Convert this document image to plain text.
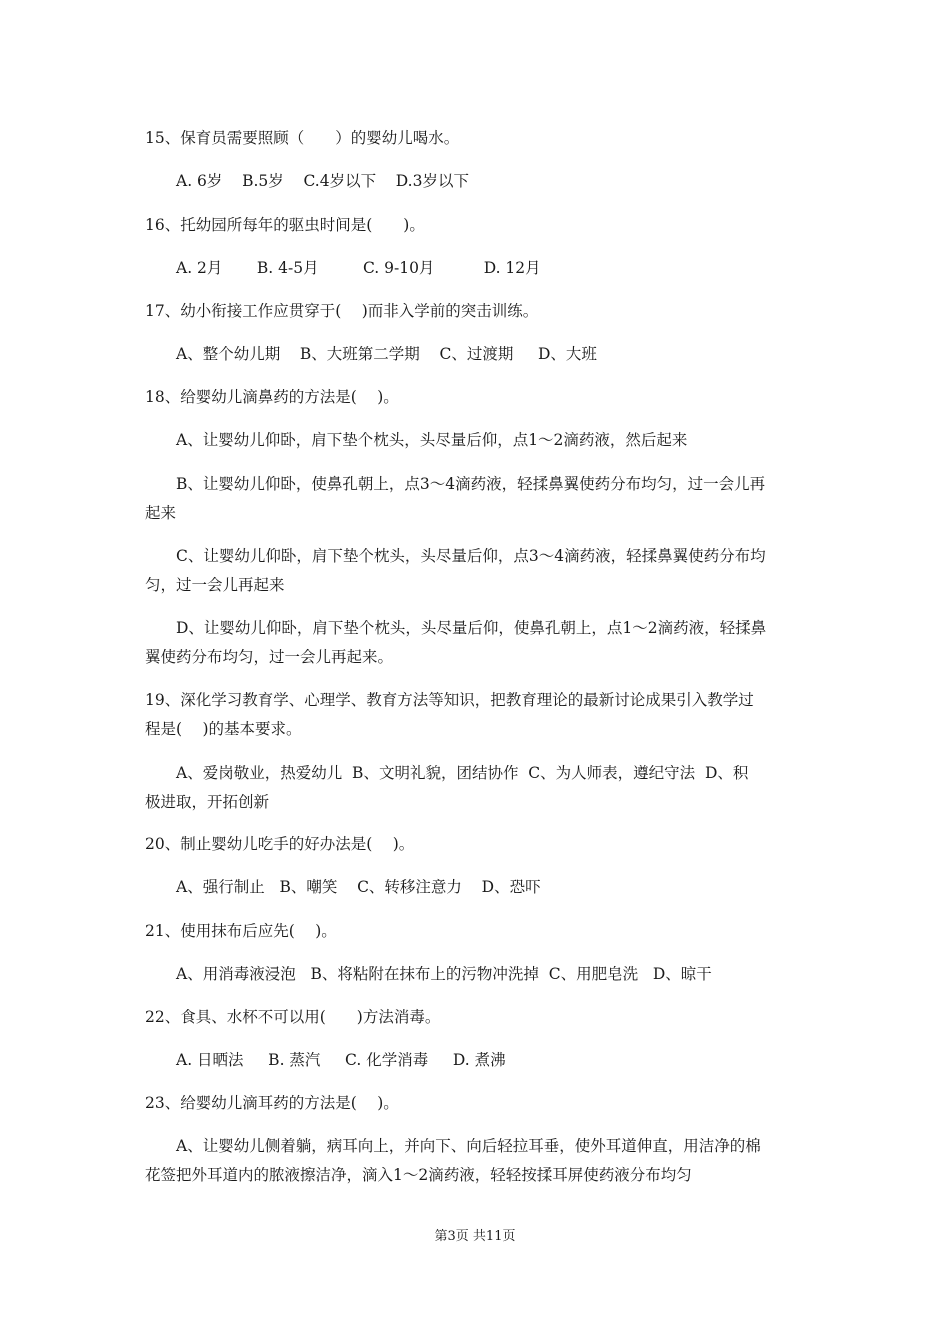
15、保育员需要照顾（　　）的婴幼儿喝水。
A. 6岁    B.5岁    C.4岁以下    D.3岁以下
16、托幼园所每年的驱虫时间是(　　)。
A. 2月       B. 4-5月         C. 9-10月          D. 12月
17、幼小衔接工作应贯穿于(　 )而非入学前的突击训练。
A、整个幼儿期    B、大班第二学期    C、过渡期     D、大班
18、给婴幼儿滴鼻药的方法是(　 )。
A、让婴幼儿仰卧，肩下垫个枕头，头尽量后仰，点1～2滴药液，然后起来
B、让婴幼儿仰卧，使鼻孔朝上，点3～4滴药液，轻揉鼻翼使药分布均匀，过一会儿再
起来
C、让婴幼儿仰卧，肩下垫个枕头，头尽量后仰，点3～4滴药液，轻揉鼻翼使药分布均
匀，过一会儿再起来
D、让婴幼儿仰卧，肩下垫个枕头，头尽量后仰，使鼻孔朝上，点1～2滴药液，轻揉鼻
翼使药分布均匀，过一会儿再起来。
19、深化学习教育学、心理学、教育方法等知识，把教育理论的最新讨论成果引入教学过
程是(　 )的基本要求。
A、爱岗敬业，热爱幼儿  B、文明礼貌，团结协作  C、为人师表，遵纪守法  D、积
极进取，开拓创新
20、制止婴幼儿吃手的好办法是(　 )。
A、强行制止   B、嘲笑    C、转移注意力    D、恐吓
21、使用抹布后应先(　 )。
A、用消毒液浸泡   B、将粘附在抹布上的污物冲洗掉  C、用肥皂洗   D、晾干
22、食具、水杯不可以用(　　)方法消毒。
A. 日晒法     B. 蒸汽     C. 化学消毒     D. 煮沸
23、给婴幼儿滴耳药的方法是(　 )。
A、让婴幼儿侧着躺，病耳向上，并向下、向后轻拉耳垂，使外耳道伸直，用洁净的棉
花签把外耳道内的脓液擦洁净，滴入1～2滴药液，轻轻按揉耳屏使药液分布均匀
第3页 共11页
